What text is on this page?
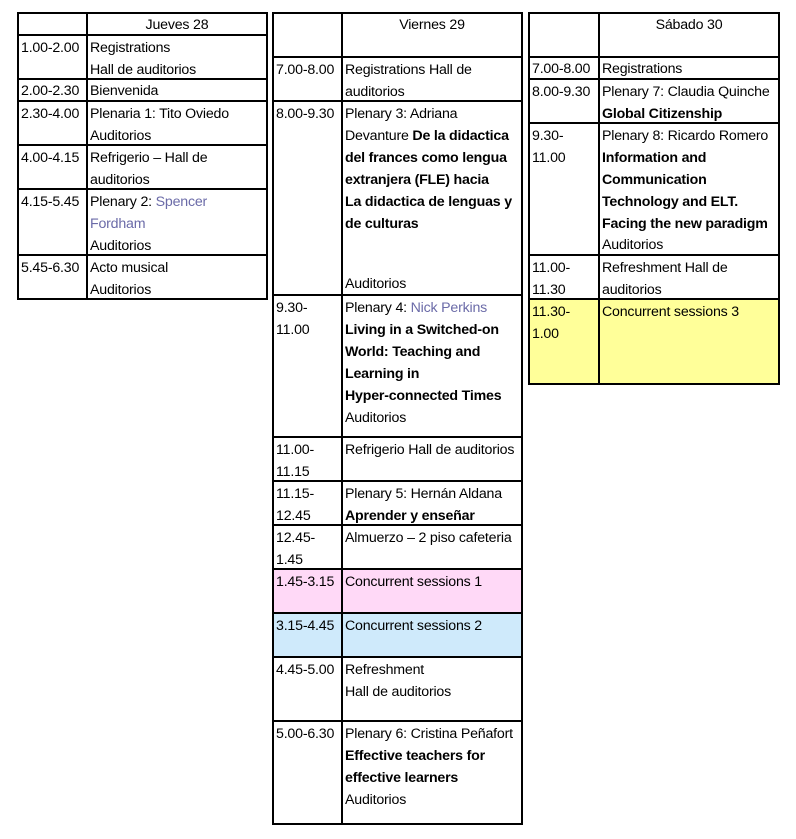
Jueves 28
1.00-2.00 Registrations
Hall de auditorios
2.00-2.30 Bienvenida
2.30-4.00 Plenaria 1: Tito Oviedo
Auditorios
4.00-4.15 Refrigerio – Hall de
auditorios
4.15-5.45 Plenary 2: Spencer
Fordham
Auditorios
5.45-6.30 Acto musical
Auditorios
Viernes 29
7.00-8.00 Registrations Hall de
auditorios
8.00-9.30 Plenary 3: Adriana
Devanture De la didactica
del frances como lengua
extranjera (FLE) hacia
La didactica de lenguas y
de culturas
Auditorios
9.30-
11.00
Plenary 4: Nick Perkins
Living in a Switched-on
World: Teaching and
Learning in
Hyper-connected Times
Auditorios
11.00-
11.15
Refrigerio Hall de auditorios
11.15-
12.45
Plenary 5: Hernán Aldana
Aprender y enseñar
12.45-
1.45
Almuerzo – 2 piso cafeteria
1.45-3.15 Concurrent sessions 1
3.15-4.45 Concurrent sessions 2
4.45-5.00 Refreshment
Hall de auditorios
5.00-6.30 Plenary 6: Cristina Peñafort
Effective teachers for
effective learners
Auditorios
Sábado 30
7.00-8.00 Registrations
8.00-9.30 Plenary 7: Claudia Quinche
Global Citizenship
9.30-
11.00
Plenary 8: Ricardo Romero
Information and
Communication
Technology and ELT.
Facing the new paradigm
Auditorios
11.00-
11.30
Refreshment Hall de
auditorios
11.30-
1.00
Concurrent sessions 3
